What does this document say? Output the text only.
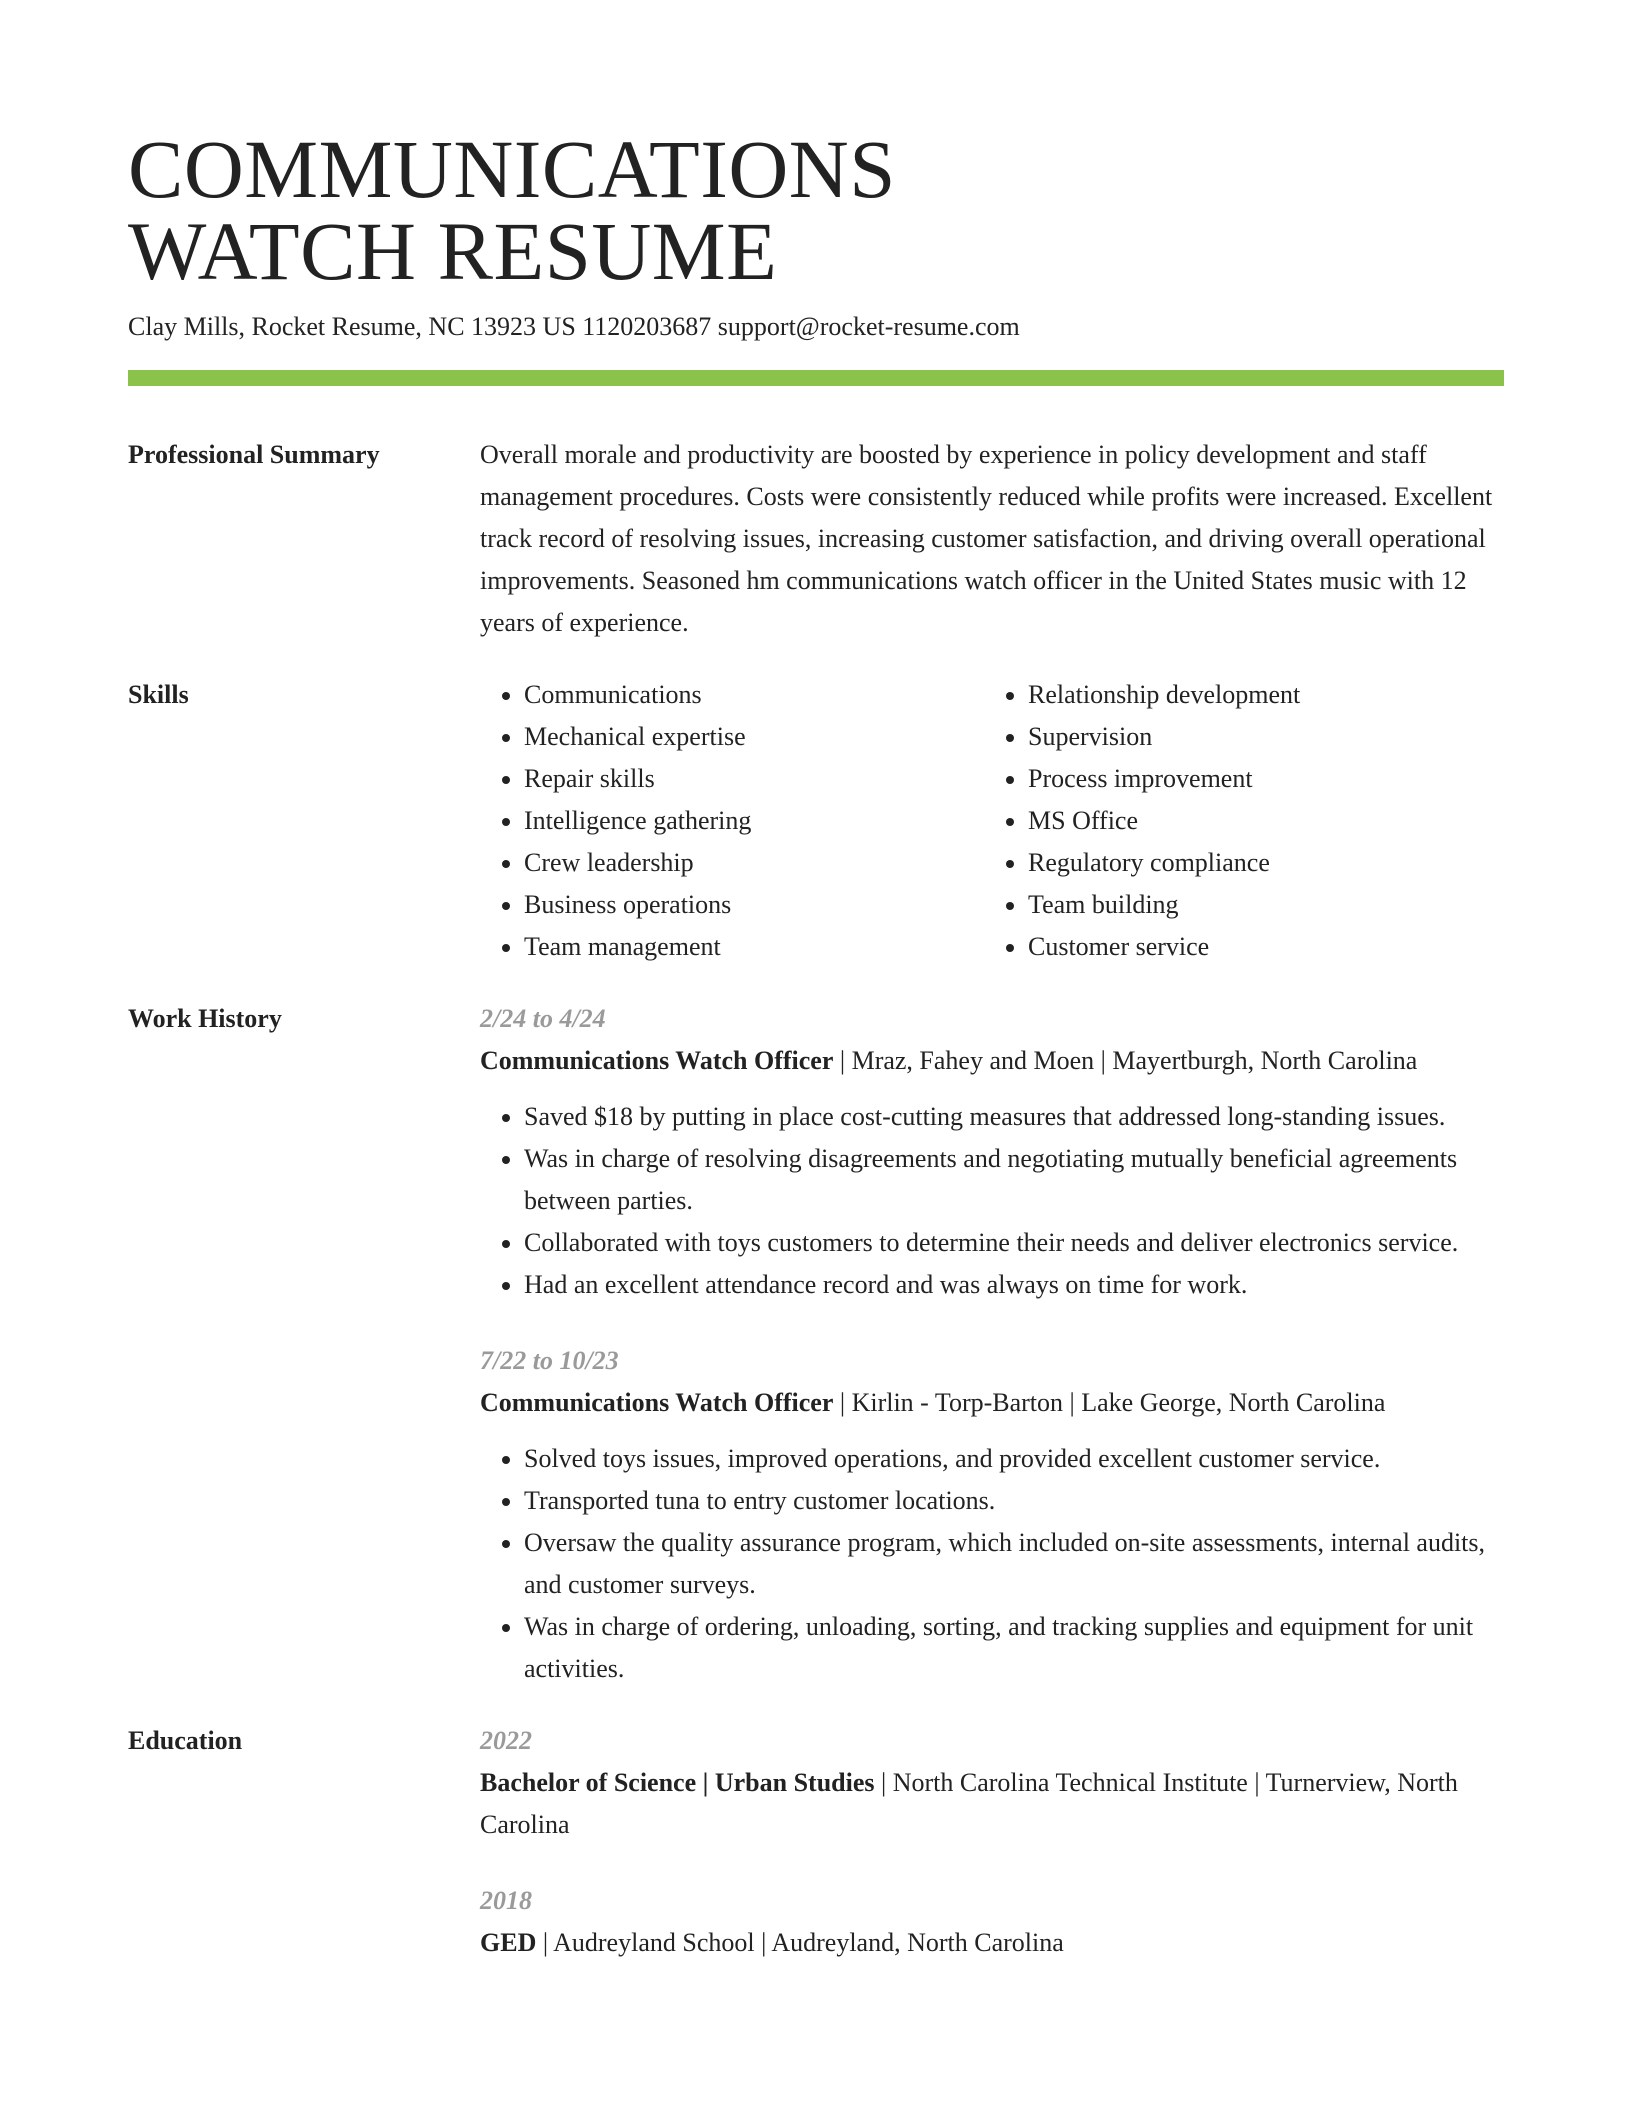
COMMUNICATIONS
WATCH RESUME
Clay Mills, Rocket Resume, NC 13923 US 1120203687 support@rocket-resume.com
Professional Summary	Overall morale and productivity are boosted by experience in policy development and staff management procedures. Costs were consistently reduced while profits were increased. Excellent track record of resolving issues, increasing customer satisfaction, and driving overall operational improvements. Seasoned hm communications watch officer in the United States music with 12 years of experience.

Skills
•	Communications
• Mechanical expertise
• Repair skills
• Intelligence gathering
• Crew leadership
• Business operations
• Team management
• Relationship development
• Supervision
• Process improvement
• MS Office
• Regulatory compliance
• Team building
• Customer service
Work History	2/24 to 4/24
Communications Watch Officer | Mraz, Fahey and Moen | Mayertburgh, North Carolina
• Saved $18 by putting in place cost-cutting measures that addressed long-standing issues.
• Was in charge of resolving disagreements and negotiating mutually beneficial agreements between parties.
• Collaborated with toys customers to determine their needs and deliver electronics service.
• Had an excellent attendance record and was always on time for work.
7/22 to 10/23
Communications Watch Officer | Kirlin - Torp-Barton | Lake George, North Carolina
• Solved toys issues, improved operations, and provided excellent customer service.
• Transported tuna to entry customer locations.
• Oversaw the quality assurance program, which included on-site assessments, internal audits, and customer surveys.
• Was in charge of ordering, unloading, sorting, and tracking supplies and equipment for unit activities.
Education	2022
Bachelor of Science | Urban Studies | North Carolina Technical Institute | Turnerview, North Carolina
2018
GED | Audreyland School | Audreyland, North Carolina
